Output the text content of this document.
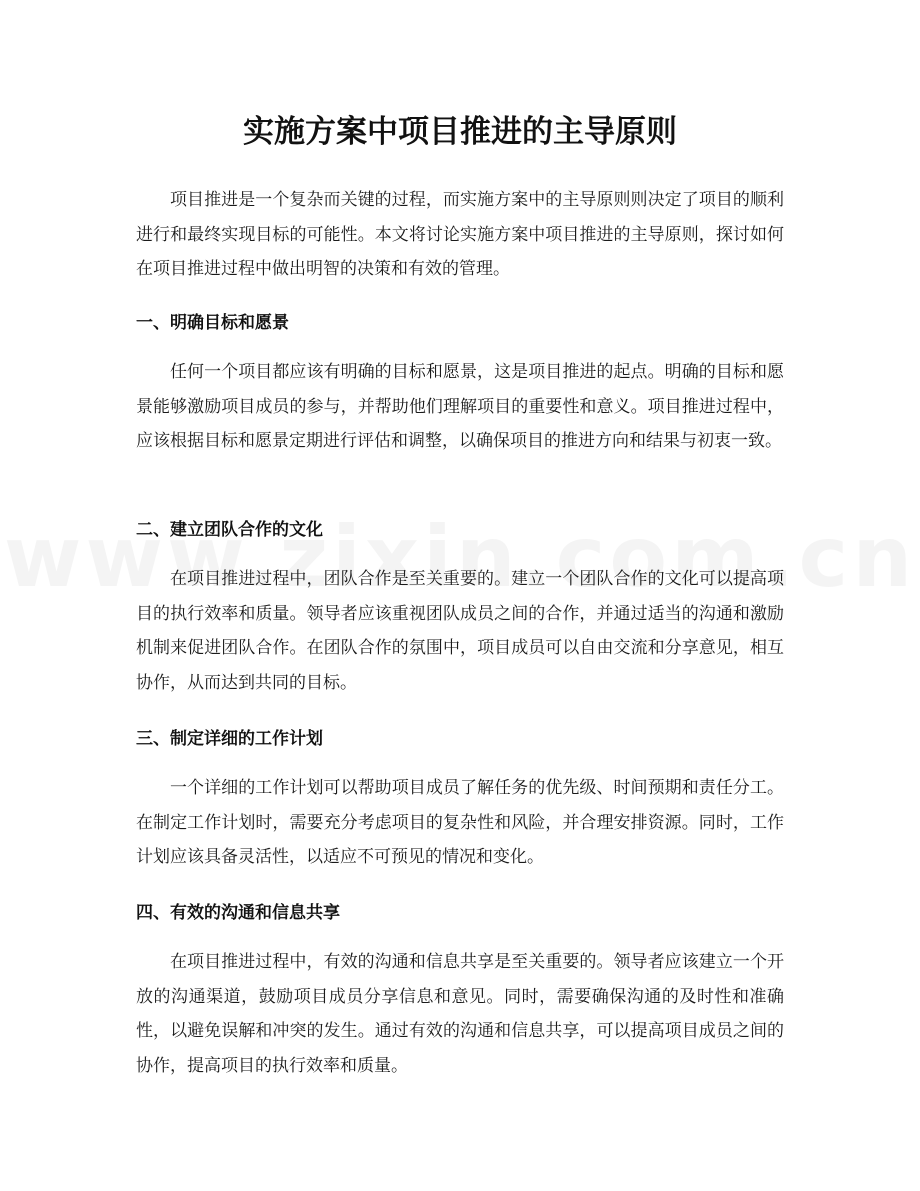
实施方案中项目推进的主导原则

项目推进是一个复杂而关键的过程，而实施方案中的主导原则则决定了项目的顺利进行和最终实现目标的可能性。本文将讨论实施方案中项目推进的主导原则，探讨如何在项目推进过程中做出明智的决策和有效的管理。

一、明确目标和愿景

任何一个项目都应该有明确的目标和愿景，这是项目推进的起点。明确的目标和愿景能够激励项目成员的参与，并帮助他们理解项目的重要性和意义。项目推进过程中，应该根据目标和愿景定期进行评估和调整，以确保项目的推进方向和结果与初衷一致。

二、建立团队合作的文化

在项目推进过程中，团队合作是至关重要的。建立一个团队合作的文化可以提高项目的执行效率和质量。领导者应该重视团队成员之间的合作，并通过适当的沟通和激励机制来促进团队合作。在团队合作的氛围中，项目成员可以自由交流和分享意见，相互协作，从而达到共同的目标。

三、制定详细的工作计划

一个详细的工作计划可以帮助项目成员了解任务的优先级、时间预期和责任分工。在制定工作计划时，需要充分考虑项目的复杂性和风险，并合理安排资源。同时，工作计划应该具备灵活性，以适应不可预见的情况和变化。

四、有效的沟通和信息共享

在项目推进过程中，有效的沟通和信息共享是至关重要的。领导者应该建立一个开放的沟通渠道，鼓励项目成员分享信息和意见。同时，需要确保沟通的及时性和准确性，以避免误解和冲突的发生。通过有效的沟通和信息共享，可以提高项目成员之间的协作，提高项目的执行效率和质量。
